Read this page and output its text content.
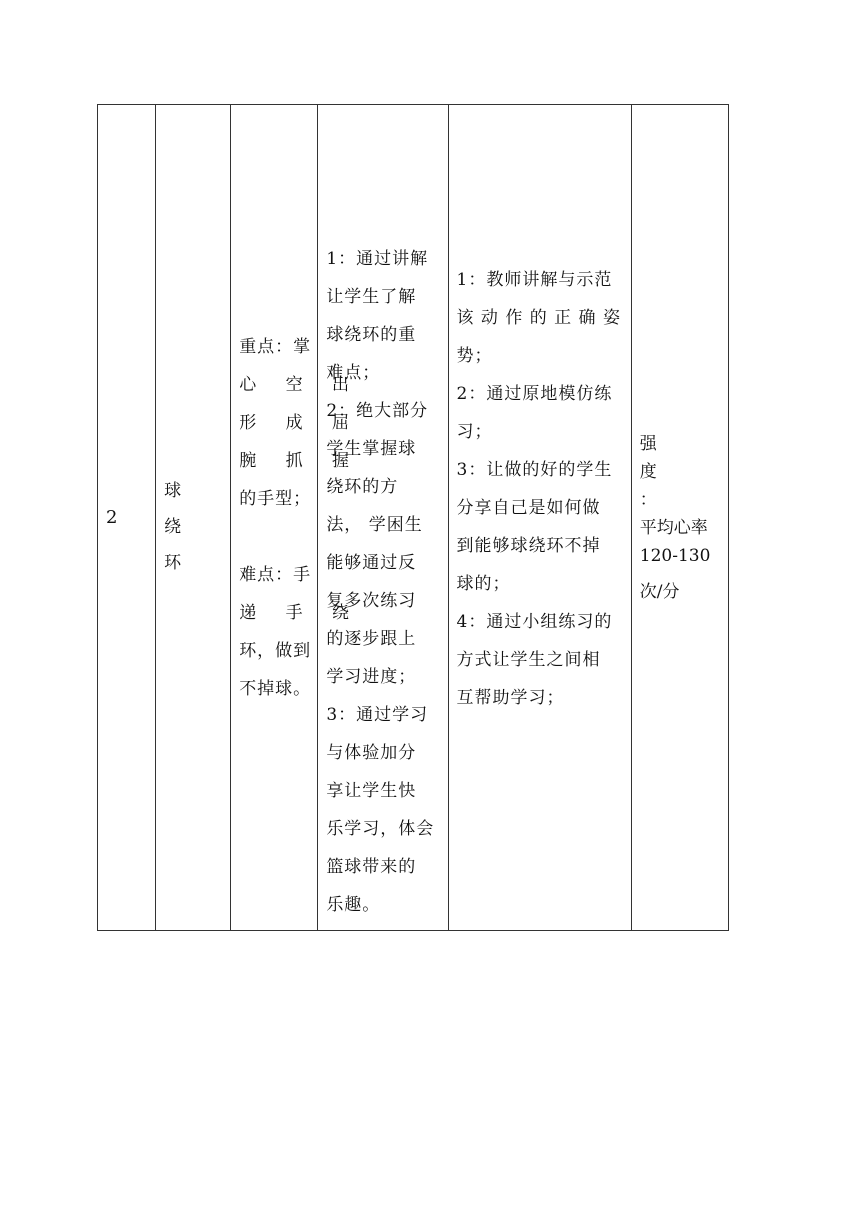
2

球 绕
环

重点：掌
心 空 出
形 成 屈
腕 抓 握
的手型；
难点：手
递 手 绕
环，做到
不掉球。

1：通过讲解
让学生了解
球绕环的重
难点；
2：绝大部分
学生掌握球
绕环的方
法， 学困生
能够通过反
复多次练习
的逐步跟上
学习进度；
3：通过学习
与体验加分
享让学生快
乐学习，体会
篮球带来的
乐趣。

1：教师讲解与示范
该 动 作 的 正 确 姿
势；
2：通过原地模仿练
习；
3：让做的好的学生
分享自己是如何做
到能够球绕环不掉
球的；
4：通过小组练习的
方式让学生之间相
互帮助学习；

强 度 ：
平均心率
120-130
次/分
